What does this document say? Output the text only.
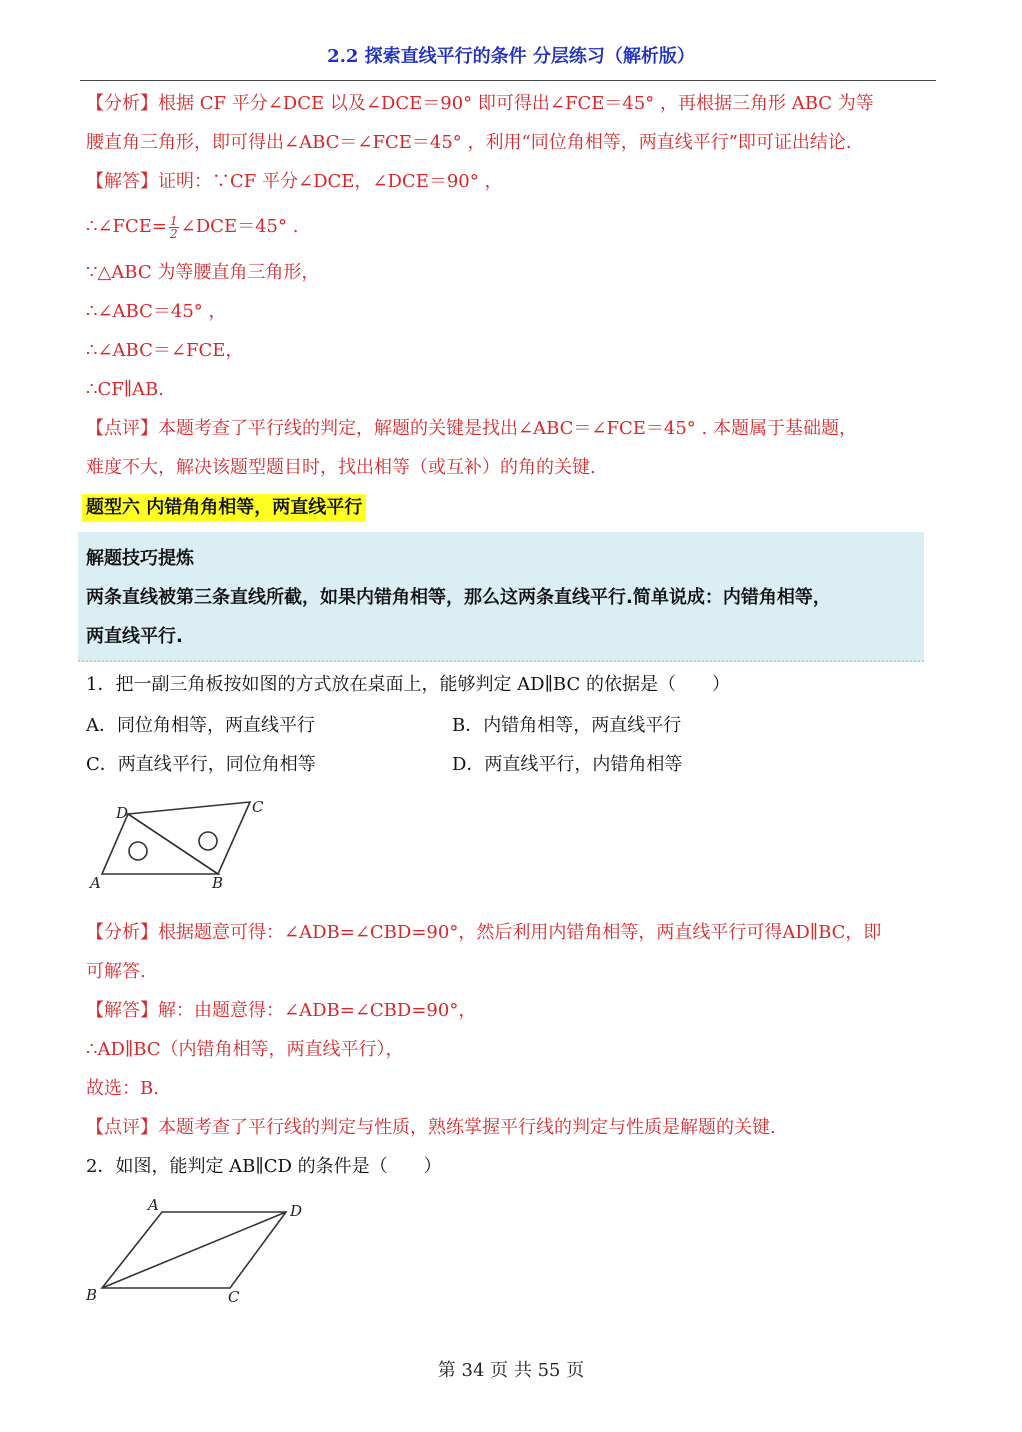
2.2 探索直线平行的条件 分层练习（解析版）
【分析】根据 CF 平分∠DCE 以及∠DCE＝90° 即可得出∠FCE＝45° ，再根据三角形 ABC 为等
腰直角三角形，即可得出∠ABC＝∠FCE＝45° ，利用“同位角相等，两直线平行”即可证出结论.
【解答】证明：∵CF 平分∠DCE，∠DCE＝90° ，
∴∠FCE= $\frac{1}{2}$ ∠DCE＝45° .
∵△ABC 为等腰直角三角形，
∴∠ABC＝45° ，
∴∠ABC＝∠FCE，
∴CF∥AB.
【点评】本题考查了平行线的判定，解题的关键是找出∠ABC＝∠FCE＝45° . 本题属于基础题，
难度不大，解决该题型题目时，找出相等（或互补）的角的关键.
题型六 内错角角相等，两直线平行
解题技巧提炼
两条直线被第三条直线所截，如果内错角相等，那么这两条直线平行.简单说成：内错角相等，
两直线平行.
1．把一副三角板按如图的方式放在桌面上，能够判定 AD∥BC 的依据是（　　）
A．同位角相等，两直线平行	B．内错角相等，两直线平行
C．两直线平行，同位角相等	D．两直线平行，内错角相等
D	C
A	B
【分析】根据题意可得：∠ADB=∠CBD=90°，然后利用内错角相等，两直线平行可得AD∥BC，即
可解答.
【解答】解：由题意得：∠ADB=∠CBD=90°，
∴AD∥BC（内错角相等，两直线平行），
故选：B.
【点评】本题考查了平行线的判定与性质，熟练掌握平行线的判定与性质是解题的关键.
2．如图，能判定 AB∥CD 的条件是（　　）
A	D
B	C
第 34 页 共 55 页
